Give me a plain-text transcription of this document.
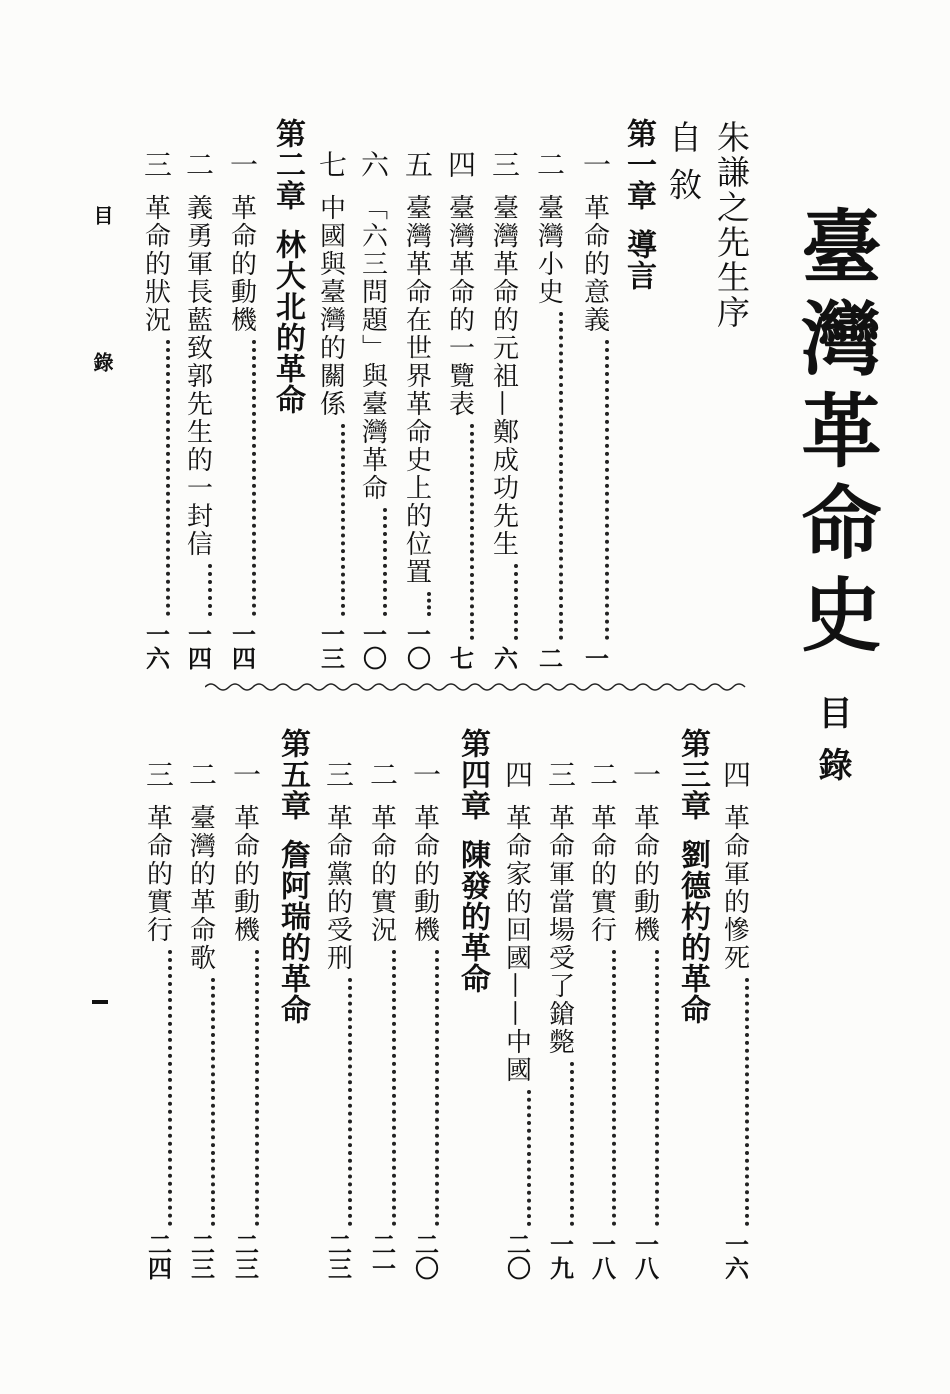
臺灣革命史
目錄
朱謙之先生序
自 敘
第一章導言
一
革命的意義
一
二
臺灣小史
二
三
臺灣革命的元祖—鄭成功先生
六
四
臺灣革命的一覽表
七
五
臺灣革命在世界革命史上的位置
一〇
六
「六三問題」與臺灣革命
一〇
七
中國與臺灣的關係
一三
第二章林大北的革命
一
革命的動機
一四
二
義勇軍長藍致郭先生的一封信
一四
三
革命的狀況
一六
四
革命軍的慘死
一六
第三章劉德杓的革命
一
革命的動機
一八
二
革命的實行
一八
三
革命軍當場受了鎗斃
一九
四
革命家的回國——中國
二〇
第四章陳發的革命
一
革命的動機
二〇
二
革命的實況
二一
三
革命黨的受刑
二三
第五章詹阿瑞的革命
一
革命的動機
二三
二
臺灣的革命歌
二三
三
革命的實行
二四
目 錄
